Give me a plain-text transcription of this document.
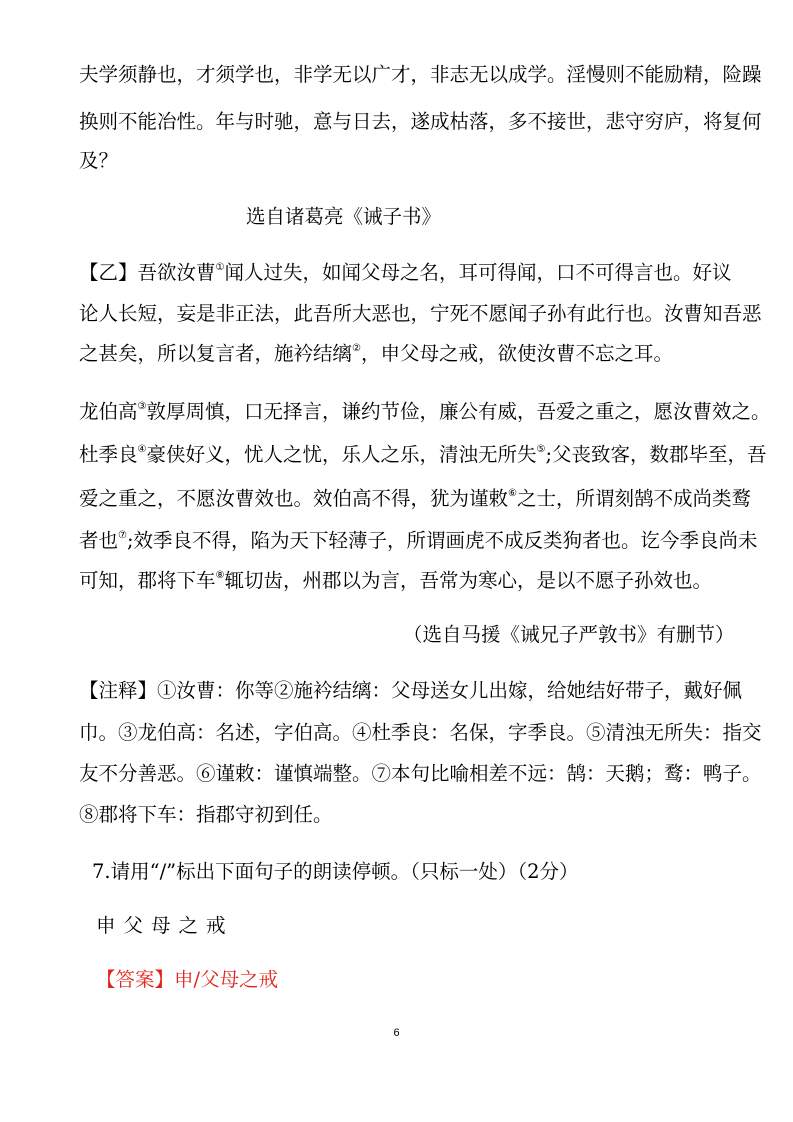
夫学须静也，才须学也，非学无以广才，非志无以成学。淫慢则不能励精，险躁
换则不能冶性。年与时驰，意与日去，遂成枯落，多不接世，悲守穷庐，将复何
及？
选自诸葛亮《诫子书》
【乙】吾欲汝曹①闻人过失，如闻父母之名，耳可得闻，口不可得言也。好议
论人长短，妄是非正法，此吾所大恶也，宁死不愿闻子孙有此行也。汝曹知吾恶
之甚矣，所以复言者，施衿结缡②，申父母之戒，欲使汝曹不忘之耳。
龙伯高③敦厚周慎，口无择言，谦约节俭，廉公有威，吾爱之重之，愿汝曹效之。
杜季良④豪侠好义，忧人之忧，乐人之乐，清浊无所失⑤;父丧致客，数郡毕至，吾
爱之重之，不愿汝曹效也。效伯高不得，犹为谨敕⑥之士，所谓刻鹄不成尚类鹜
者也⑦;效季良不得，陷为天下轻薄子，所谓画虎不成反类狗者也。讫今季良尚未
可知，郡将下车⑧辄切齿，州郡以为言，吾常为寒心，是以不愿子孙效也。
（选自马援《诫兄子严敦书》有删节）
【注释】①汝曹：你等②施衿结缡：父母送女儿出嫁，给她结好带子，戴好佩
巾。③龙伯高：名述，字伯高。④杜季良：名保，字季良。⑤清浊无所失：指交
友不分善恶。⑥谨敕：谨慎端整。⑦本句比喻相差不远：鹄：天鹅；鹜：鸭子。
⑧郡将下车：指郡守初到任。
7.请用“/”标出下面句子的朗读停顿。（只标一处）（2分）
申父母之戒
【答案】申/父母之戒
6
